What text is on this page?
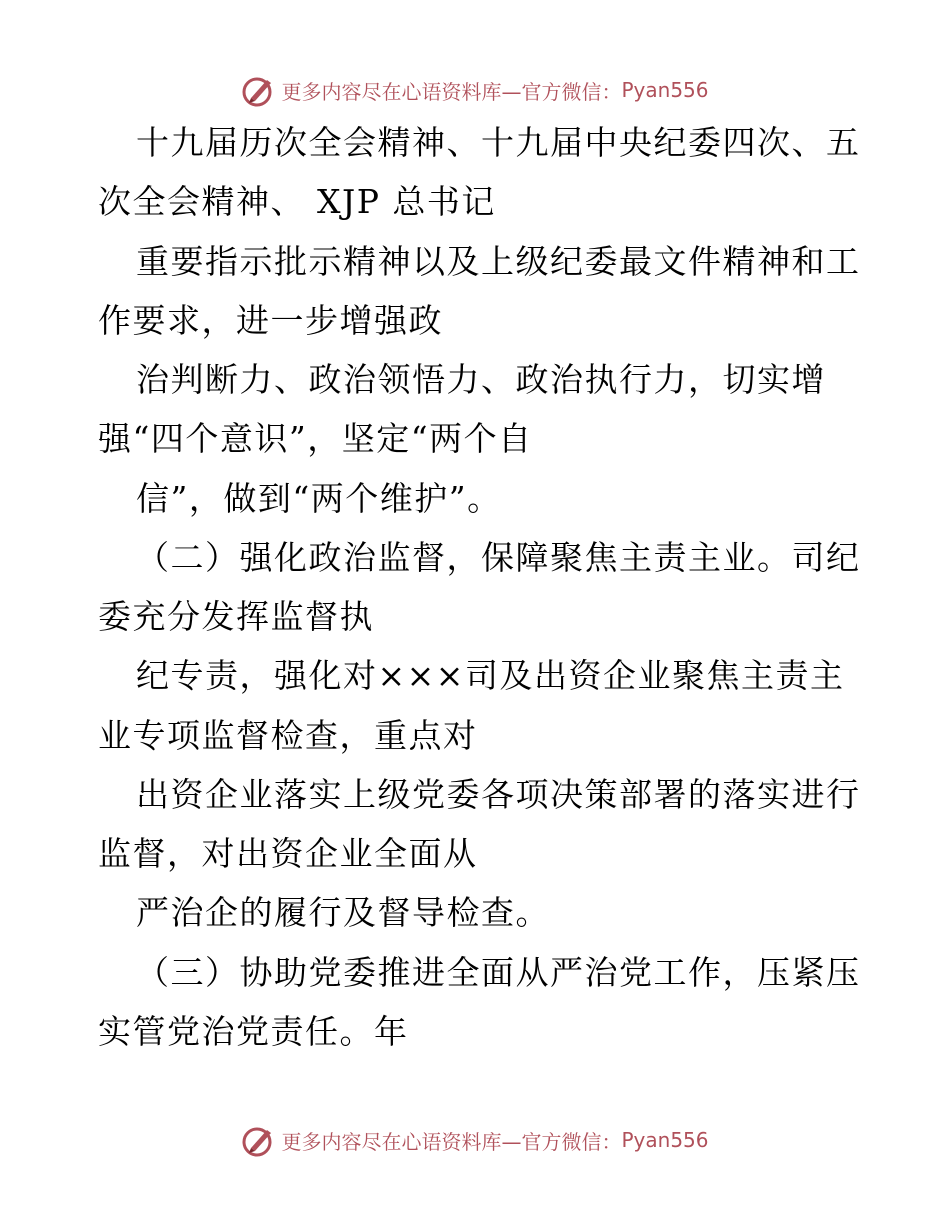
更多内容尽在心语资料库—官方微信： Pyan556
十九届历次全会精神、十九届中央纪委四次、五
次全会精神、 XJP 总书记
重要指示批示精神以及上级纪委最文件精神和工
作要求，进一步增强政
治判断力、政治领悟力、政治执行力，切实增
强“四个意识”，坚定“两个自
信”，做到“两个维护”。
（二）强化政治监督，保障聚焦主责主业。司纪
委充分发挥监督执
纪专责，强化对×××司及出资企业聚焦主责主
业专项监督检查，重点对
出资企业落实上级党委各项决策部署的落实进行
监督，对出资企业全面从
严治企的履行及督导检查。
（三）协助党委推进全面从严治党工作，压紧压
实管党治党责任。年
更多内容尽在心语资料库—官方微信： Pyan556
